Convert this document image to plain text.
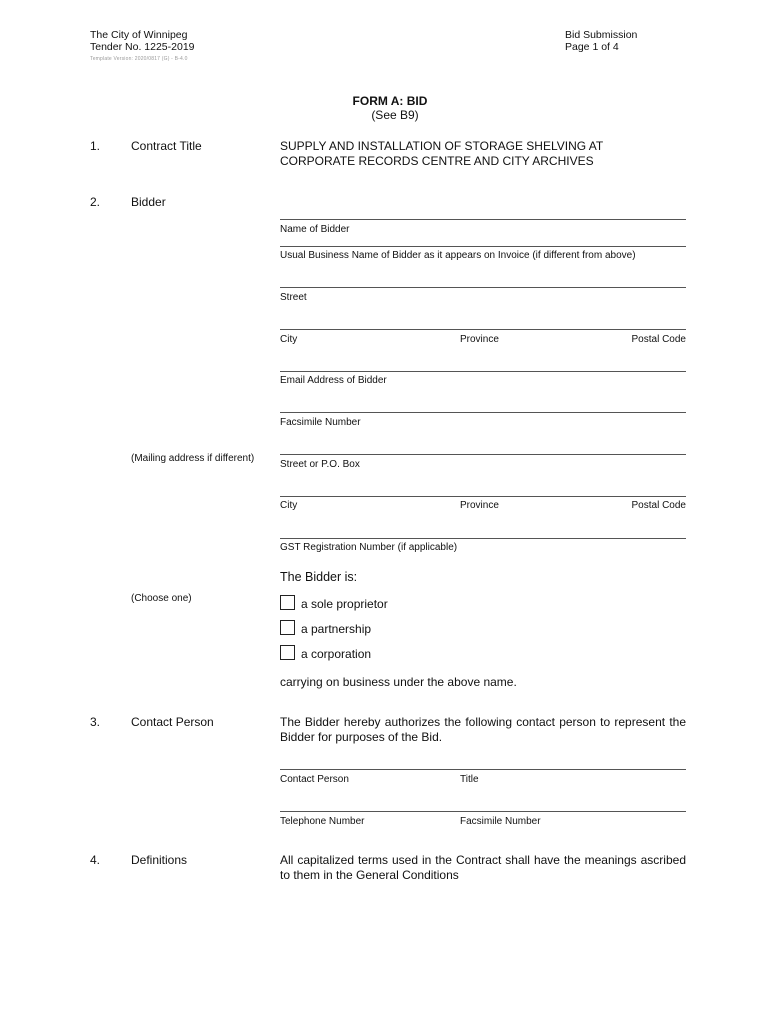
The City of Winnipeg
Tender No. 1225-2019
Template Version: 2020/0817 (G) - B-4.0
Bid Submission
Page 1 of 4
FORM A: BID
(See B9)
1.	Contract Title	SUPPLY AND INSTALLATION OF STORAGE SHELVING AT
CORPORATE RECORDS CENTRE AND CITY ARCHIVES
2.	Bidder
Name of Bidder
Usual Business Name of Bidder as it appears on Invoice (if different from above)
Street
City	Province	Postal Code
Email Address of Bidder
Facsimile Number
(Mailing address if different)
Street or P.O. Box
City	Province	Postal Code
GST Registration Number (if applicable)
The Bidder is:
(Choose one)	a sole proprietor
a partnership
a corporation
carrying on business under the above name.
3.	Contact Person	The Bidder hereby authorizes the following contact person to represent the Bidder for purposes of the Bid.
Contact Person	Title
Telephone Number	Facsimile Number
4.	Definitions	All capitalized terms used in the Contract shall have the meanings ascribed to them in the General Conditions
